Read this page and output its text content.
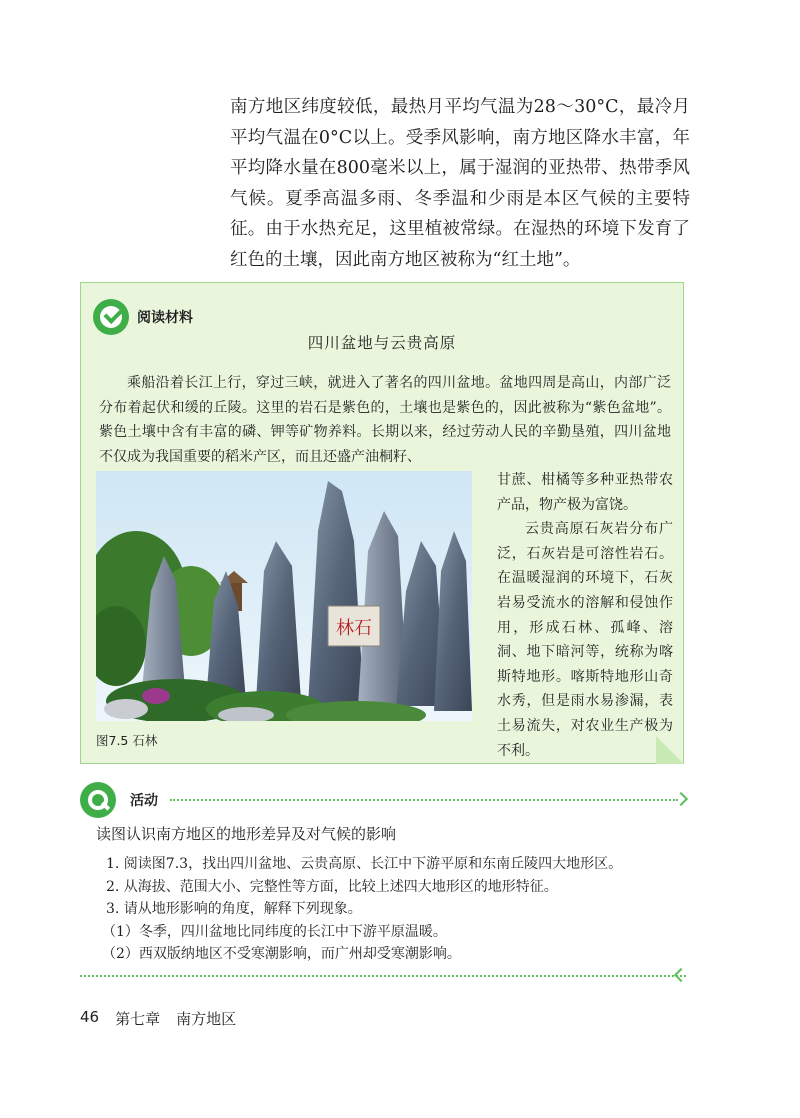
南方地区纬度较低，最热月平均气温为28～30°C，最冷月平均气温在0°C以上。受季风影响，南方地区降水丰富，年平均降水量在800毫米以上，属于湿润的亚热带、热带季风气候。夏季高温多雨、冬季温和少雨是本区气候的主要特征。由于水热充足，这里植被常绿。在湿热的环境下发育了红色的土壤，因此南方地区被称为“红土地”。

阅读材料
四川盆地与云贵高原

乘船沿着长江上行，穿过三峡，就进入了著名的四川盆地。盆地四周是高山，内部广泛分布着起伏和缓的丘陵。这里的岩石是紫色的，土壤也是紫色的，因此被称为“紫色盆地”。紫色土壤中含有丰富的磷、钾等矿物养料。长期以来，经过劳动人民的辛勤垦殖，四川盆地不仅成为我国重要的稻米产区，而且还盛产油桐籽、

林石
图7.5 石林

甘蔗、柑橘等多种亚热带农产品，物产极为富饶。

云贵高原石灰岩分布广泛，石灰岩是可溶性岩石。在温暖湿润的环境下，石灰岩易受流水的溶解和侵蚀作用，形成石林、孤峰、溶洞、地下暗河等，统称为喀斯特地形。喀斯特地形山奇水秀，但是雨水易渗漏，表土易流失，对农业生产极为不利。

活动
读图认识南方地区的地形差异及对气候的影响
1. 阅读图7.3，找出四川盆地、云贵高原、长江中下游平原和东南丘陵四大地形区。
2. 从海拔、范围大小、完整性等方面，比较上述四大地形区的地形特征。
3. 请从地形影响的角度，解释下列现象。
（1）冬季，四川盆地比同纬度的长江中下游平原温暖。
（2）西双版纳地区不受寒潮影响，而广州却受寒潮影响。
46 第七章 南方地区
